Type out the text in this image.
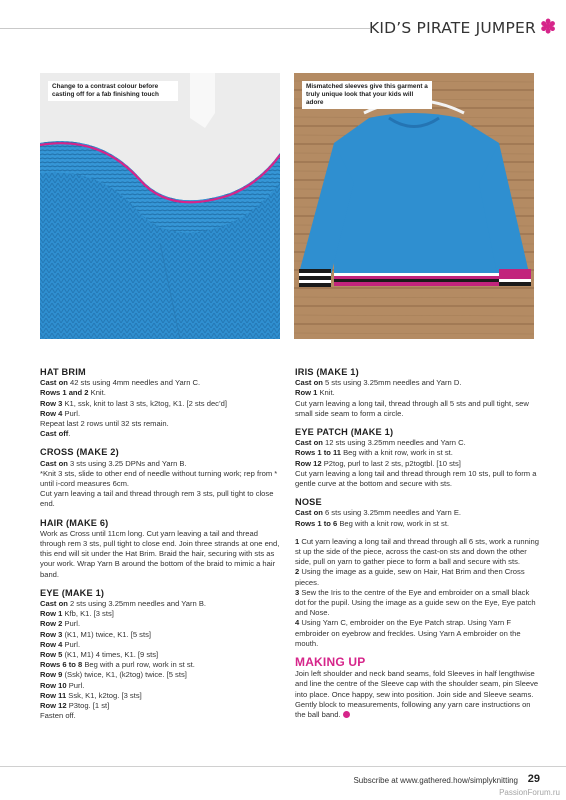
KID’S PIRATE JUMPER ✽
Change to a contrast colour before casting off for a fab finishing touch
Mismatched sleeves give this garment a truly unique look that your kids will adore
HAT BRIM
Cast on 42 sts using 4mm needles and Yarn C.
Rows 1 and 2 Knit.
Row 3 K1, ssk, knit to last 3 sts, k2tog, K1. [2 sts dec’d]
Row 4 Purl.
Repeat last 2 rows until 32 sts remain.
Cast off.
CROSS (MAKE 2)
Cast on 3 sts using 3.25 DPNs and Yarn B.
*Knit 3 sts, slide to other end of needle without turning work; rep from * until i-cord measures 6cm.
Cut yarn leaving a tail and thread through rem 3 sts, pull tight to close end.
HAIR (MAKE 6)
Work as Cross until 11cm long. Cut yarn leaving a tail and thread through rem 3 sts, pull tight to close end. Join three strands at one end, this end will sit under the Hat Brim. Braid the hair, securing with sts as your work. Wrap Yarn B around the bottom of the braid to mimic a hair band.
EYE (MAKE 1)
Cast on 2 sts using 3.25mm needles and Yarn B.
Row 1 Kfb, K1. [3 sts]
Row 2 Purl.
Row 3 (K1, M1) twice, K1. [5 sts]
Row 4 Purl.
Row 5 (K1, M1) 4 times, K1. [9 sts]
Rows 6 to 8 Beg with a purl row, work in st st.
Row 9 (Ssk) twice, K1, (k2tog) twice. [5 sts]
Row 10 Purl.
Row 11 Ssk, K1, k2tog. [3 sts]
Row 12 P3tog. [1 st]
Fasten off.
IRIS (MAKE 1)
Cast on 5 sts using 3.25mm needles and Yarn D.
Row 1 Knit.
Cut yarn leaving a long tail, thread through all 5 sts and pull tight, sew small side seam to form a circle.
EYE PATCH (MAKE 1)
Cast on 12 sts using 3.25mm needles and Yarn C.
Rows 1 to 11 Beg with a knit row, work in st st.
Row 12 P2tog, purl to last 2 sts, p2togtbl. [10 sts]
Cut yarn leaving a long tail and thread through rem 10 sts, pull to form a gentle curve at the bottom and secure with sts.
NOSE
Cast on 6 sts using 3.25mm needles and Yarn E.
Rows 1 to 6 Beg with a knit row, work in st st.
1 Cut yarn leaving a long tail and thread through all 6 sts, work a running st up the side of the piece, across the cast-on sts and down the other side, pull on yarn to gather piece to form a ball and secure with sts.
2 Using the image as a guide, sew on Hair, Hat Brim and then Cross pieces.
3 Sew the Iris to the centre of the Eye and embroider on a small black dot for the pupil. Using the image as a guide sew on the Eye, Eye patch and Nose.
4 Using Yarn C, embroider on the Eye Patch strap. Using Yarn F embroider on eyebrow and freckles. Using Yarn A embroider on the mouth.
MAKING UP
Join left shoulder and neck band seams, fold Sleeves in half lengthwise and line the centre of the Sleeve cap with the shoulder seam, pin Sleeve into place. Once happy, sew into position. Join side and Sleeve seams. Gently block to measurements, following any yarn care instructions on the ball band.
Subscribe at www.gathered.how/simplyknitting 29
PassionForum.ru
